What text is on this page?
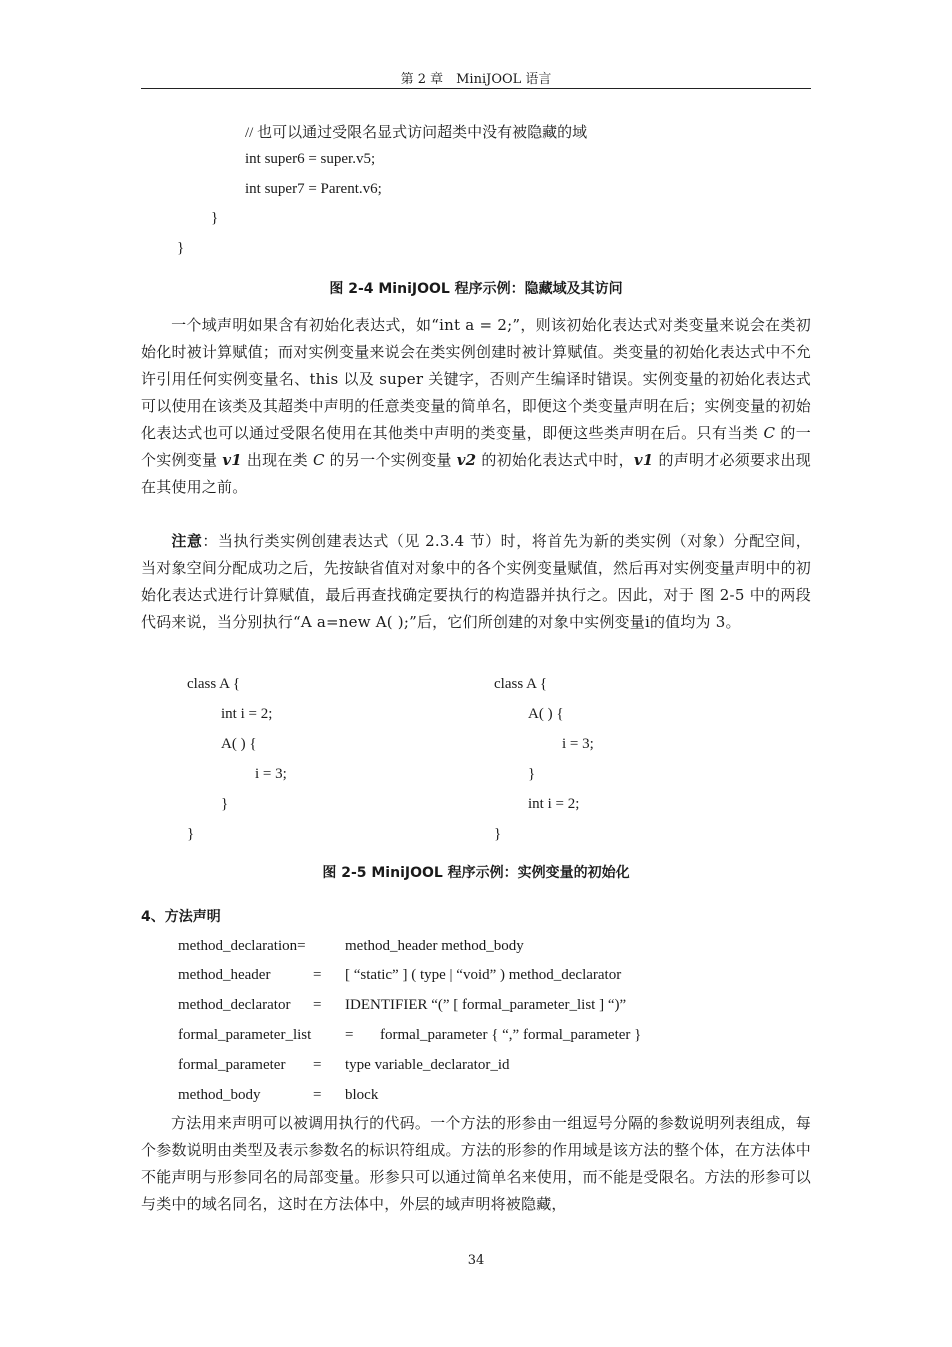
第 2 章　MiniJOOL 语言
// 也可以通过受限名显式访问超类中没有被隐藏的域
int super6 = super.v5;
int super7 = Parent.v6;
}
}
图 2-4 MiniJOOL 程序示例：隐藏域及其访问
一个域声明如果含有初始化表达式，如“int a = 2;”，则该初始化表达式对类变量来说会在类初始化时被计算赋值；而对实例变量来说会在类实例创建时被计算赋值。类变量的初始化表达式中不允许引用任何实例变量名、this 以及 super 关键字，否则产生编译时错误。实例变量的初始化表达式可以使用在该类及其超类中声明的任意类变量的简单名，即便这个类变量声明在后；实例变量的初始化表达式也可以通过受限名使用在其他类中声明的类变量，即便这些类声明在后。只有当类 C 的一个实例变量 v1 出现在类 C 的另一个实例变量 v2 的初始化表达式中时，v1 的声明才必须要求出现在其使用之前。
注意：当执行类实例创建表达式（见 2.3.4 节）时，将首先为新的类实例（对象）分配空间，当对象空间分配成功之后，先按缺省值对对象中的各个实例变量赋值，然后再对实例变量声明中的初始化表达式进行计算赋值，最后再查找确定要执行的构造器并执行之。因此，对于 图 2-5 中的两段代码来说，当分别执行“A a=new A( );”后，它们所创建的对象中实例变量i的值均为 3。
class A {
int i = 2;
A( ) {
i = 3;
}
}
class A {
A( ) {
i = 3;
}
int i = 2;
}
图 2-5 MiniJOOL 程序示例：实例变量的初始化
4、方法声明
method_declaration=	method_header method_body
method_header	= [ “static” ] ( type | “void” ) method_declarator
method_declarator = IDENTIFIER “(” [ formal_parameter_list ] “)”
formal_parameter_list = formal_parameter { “,” formal_parameter }
formal_parameter = type variable_declarator_id
method_body	= block
方法用来声明可以被调用执行的代码。一个方法的形参由一组逗号分隔的参数说明列表组成，每个参数说明由类型及表示参数名的标识符组成。方法的形参的作用域是该方法的整个体，在方法体中不能声明与形参同名的局部变量。形参只可以通过简单名来使用，而不能是受限名。方法的形参可以与类中的域名同名，这时在方法体中，外层的域声明将被隐藏，
34
